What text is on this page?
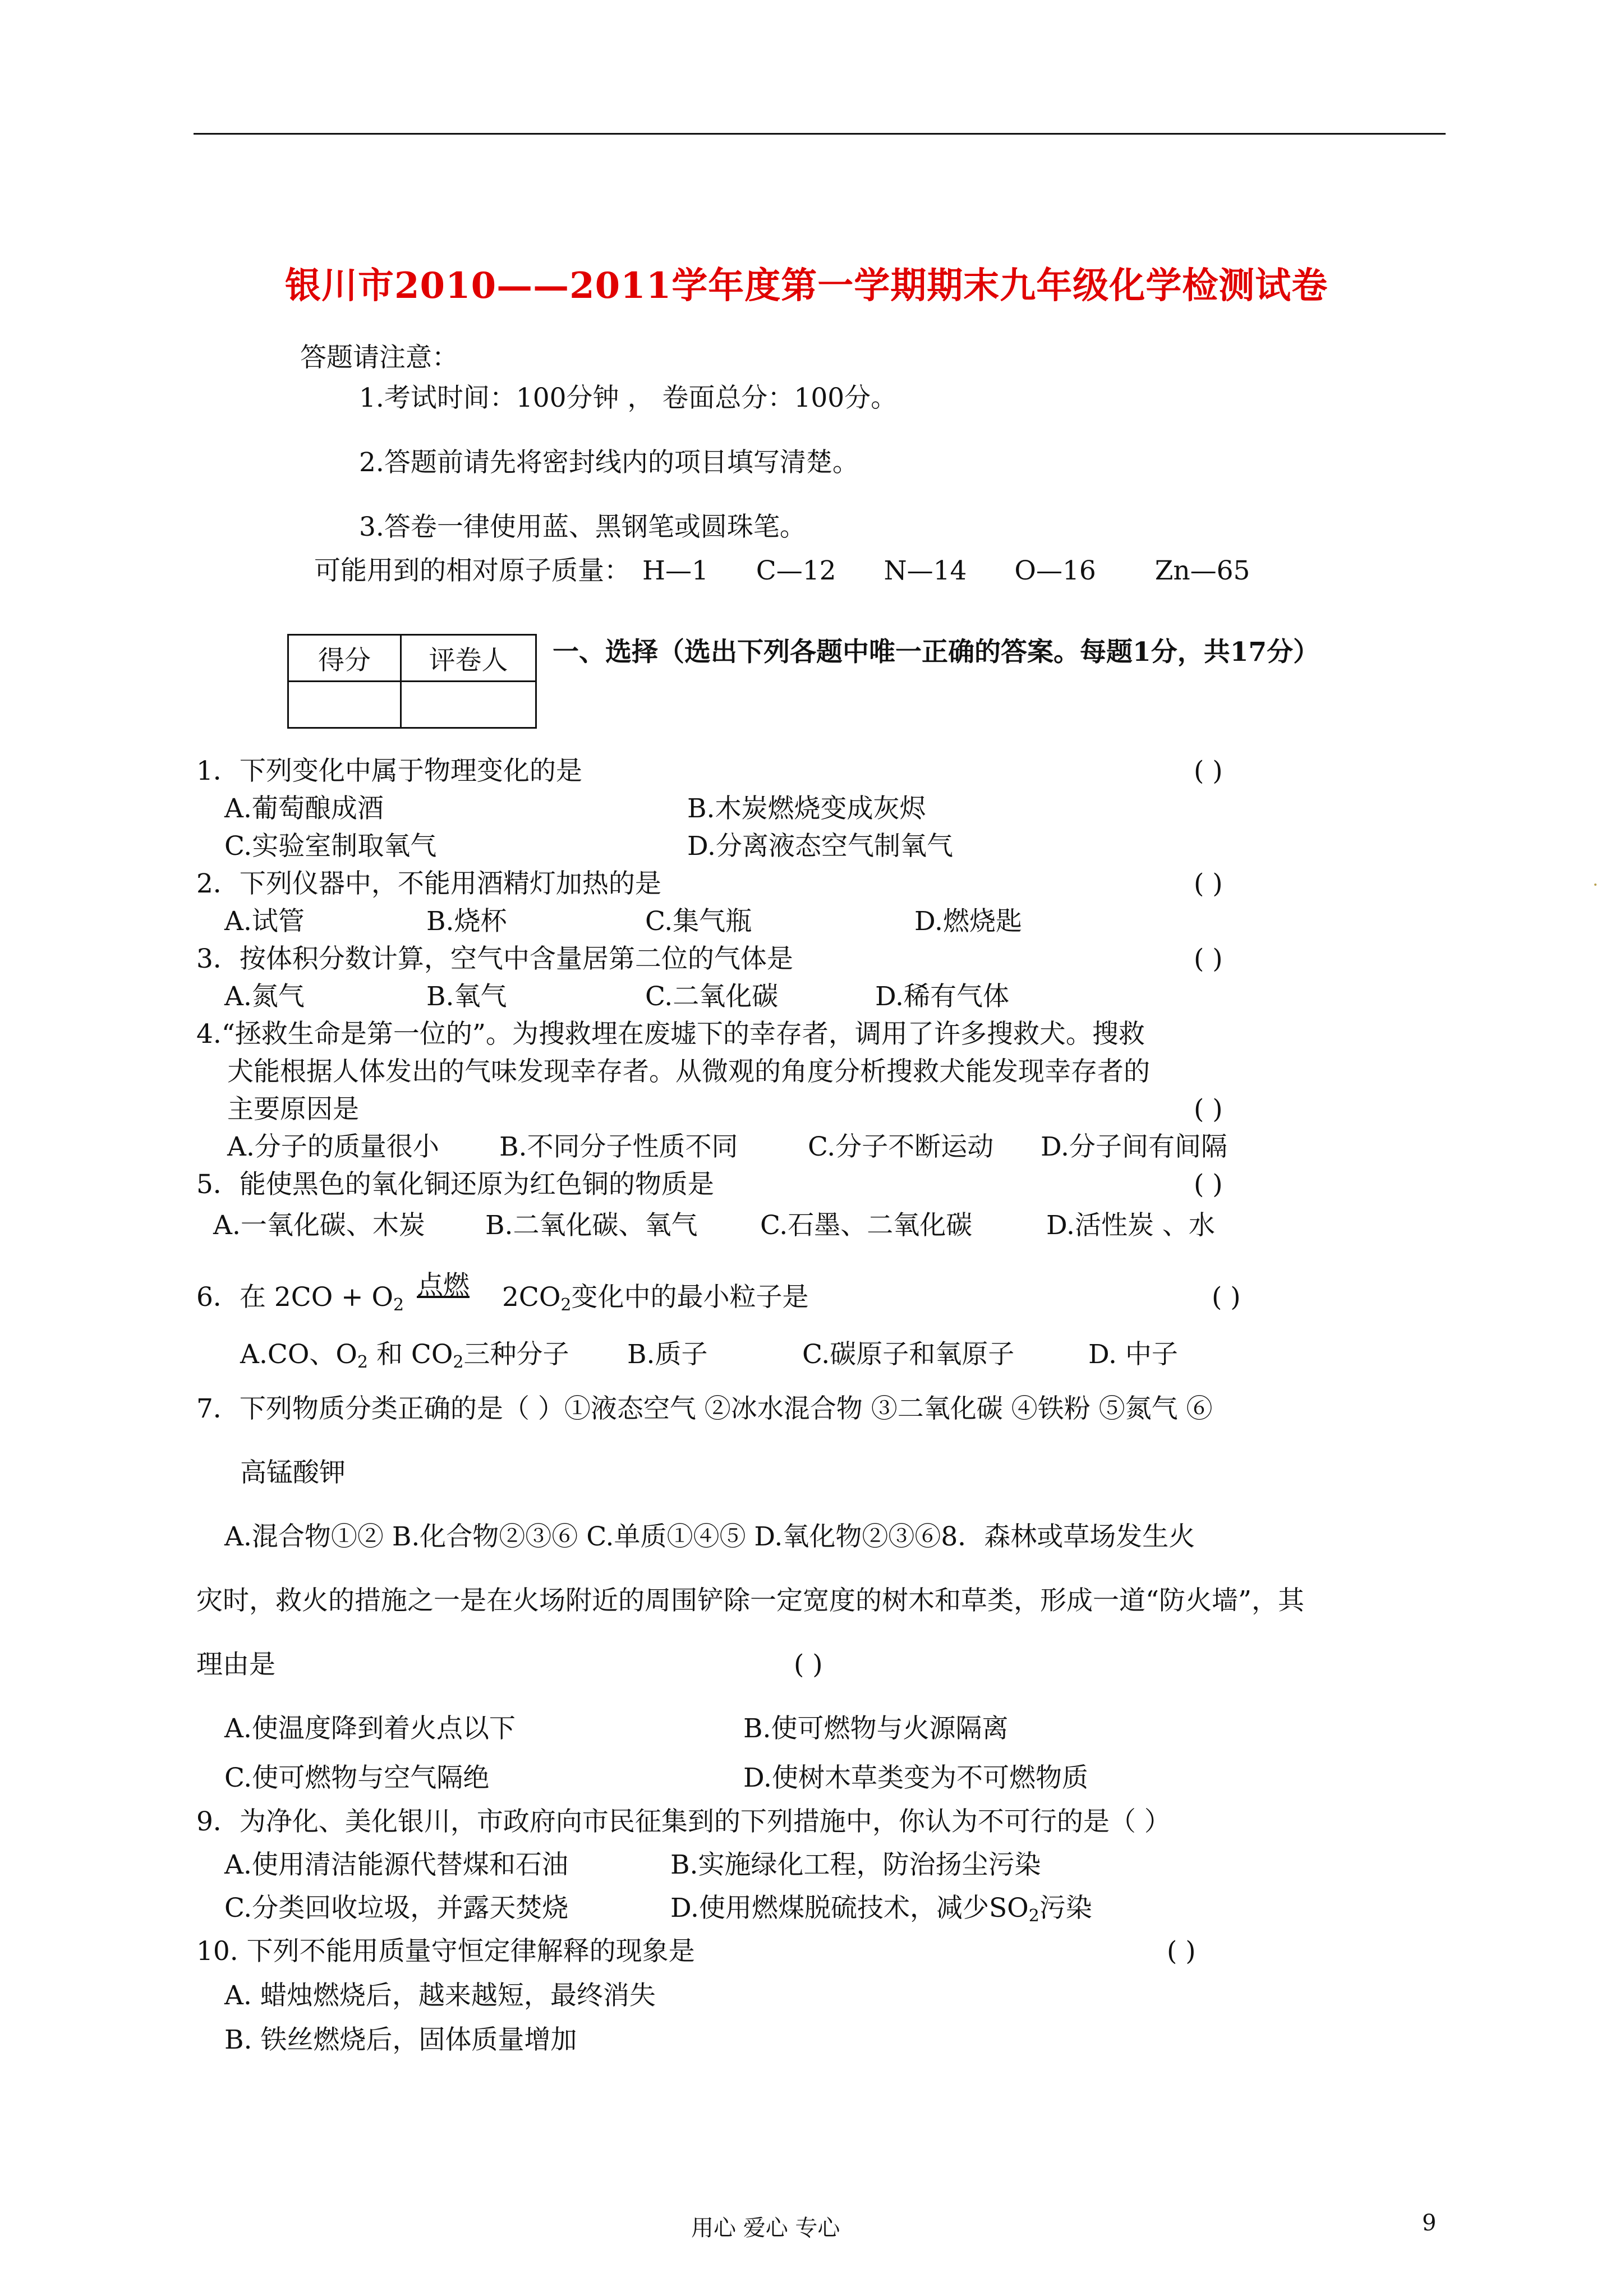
银川市2010——2011学年度第一学期期末九年级化学检测试卷
答题请注意：
1.考试时间：100分钟 ， 卷面总分：100分。
2.答题前请先将密封线内的项目填写清楚。
3.答卷一律使用蓝、黑钢笔或圆珠笔。
可能用到的相对原子质量： H—1 C—12 N—14 O—16 Zn—65
得分	评卷人
	一、选择（选出下列各题中唯一正确的答案。每题1分，共17分）
1．下列变化中属于物理变化的是	( )
A.葡萄酿成酒	B.木炭燃烧变成灰烬
C.实验室制取氧气	D.分离液态空气制氧气
2．下列仪器中，不能用酒精灯加热的是	( )
A.试管	B.烧杯	C.集气瓶	D.燃烧匙
3．按体积分数计算，空气中含量居第二位的气体是	( )
A.氮气	B.氧气	C.二氧化碳	D.稀有气体
4.“拯救生命是第一位的”。为搜救埋在废墟下的幸存者，调用了许多搜救犬。搜救
犬能根据人体发出的气味发现幸存者。从微观的角度分析搜救犬能发现幸存者的
主要原因是	( )
A.分子的质量很小 B.不同分子性质不同	C.分子不断运动 D.分子间有间隔
5．能使黑色的氧化铜还原为红色铜的物质是	( )
A.一氧化碳、木炭 B.二氧化碳、氧气 C.石墨、二氧化碳	D.活性炭 、水
6．在 $2CO + O_2$
点燃 $2CO_2$变化中的最小粒子是	( )
A.CO、$O_2$ 和 $CO_2$三种分子 B.质子	C.碳原子和氧原子	D. 中子
7．下列物质分类正确的是（ ）①液态空气 ②冰水混合物 ③二氧化碳 ④铁粉 ⑤氮气 ⑥
高锰酸钾
A.混合物①② B.化合物②③⑥ C.单质①④⑤ D.氧化物②③⑥8．森林或草场发生火
灾时，救火的措施之一是在火场附近的周围铲除一定宽度的树木和草类，形成一道“防火墙”，其
理由是	( )
A.使温度降到着火点以下	B.使可燃物与火源隔离
C.使可燃物与空气隔绝	D.使树木草类变为不可燃物质
9．为净化、美化银川，市政府向市民征集到的下列措施中，你认为不可行的是（ ）
A.使用清洁能源代替煤和石油	B.实施绿化工程，防治扬尘污染
C.分类回收垃圾，并露天焚烧	D.使用燃煤脱硫技术，减少$SO_2$污染
10. 下列不能用质量守恒定律解释的现象是	( )
A. 蜡烛燃烧后，越来越短，最终消失
B. 铁丝燃烧后，固体质量增加
用心 爱心 专心	9
